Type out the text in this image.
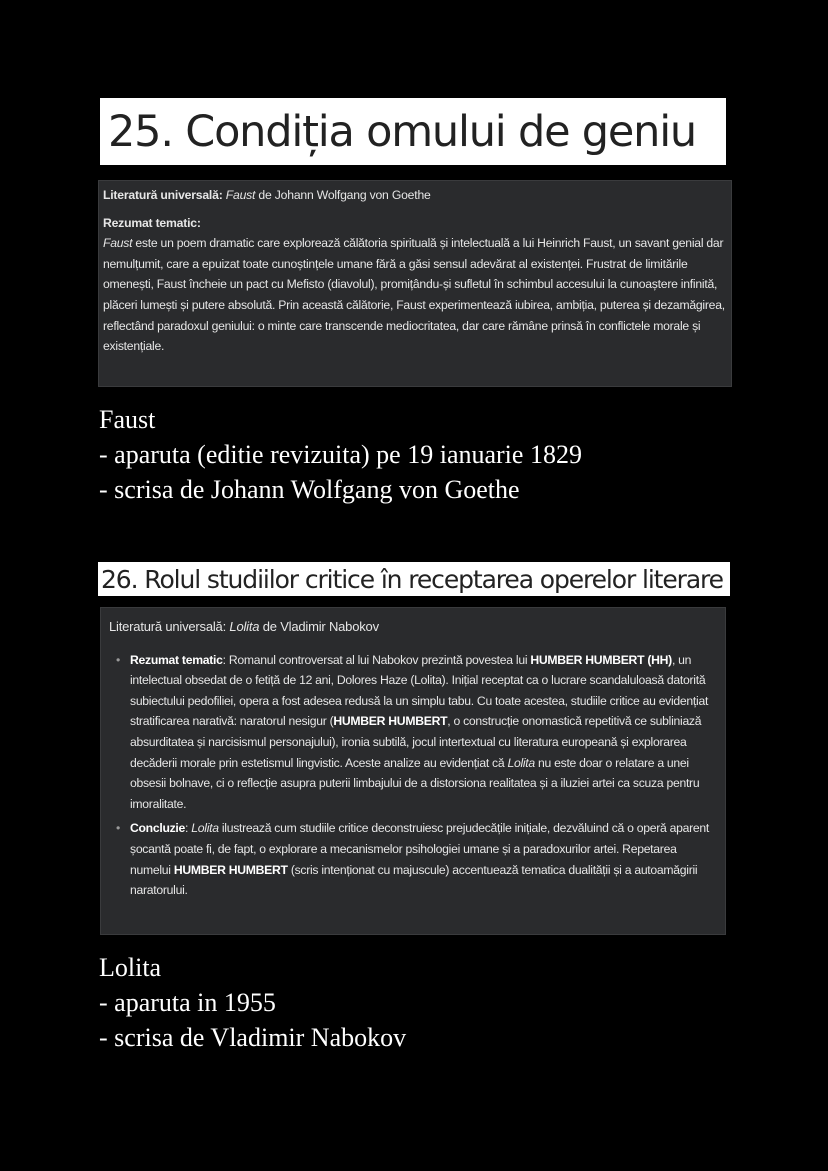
25. Condiția omului de geniu
Literatură universală: Faust de Johann Wolfgang von Goethe
Rezumat tematic:
Faust este un poem dramatic care explorează călătoria spirituală și intelectuală a lui Heinrich Faust, un savant genial dar nemulțumit, care a epuizat toate cunoștințele umane fără a găsi sensul adevărat al existenței. Frustrat de limitările omenești, Faust încheie un pact cu Mefisto (diavolul), promițându-și sufletul în schimbul accesului la cunoaștere infinită, plăceri lumești și putere absolută. Prin această călătorie, Faust experimentează iubirea, ambiția, puterea și dezamăgirea, reflectând paradoxul geniului: o minte care transcende mediocritatea, dar care rămâne prinsă în conflictele morale și existențiale.
Faust
- aparuta (editie revizuita) pe 19 ianuarie 1829
- scrisa de Johann Wolfgang von Goethe
26. Rolul studiilor critice în receptarea operelor literare
Literatură universală: Lolita de Vladimir Nabokov
• Rezumat tematic: Romanul controversat al lui Nabokov prezintă povestea lui HUMBER HUMBERT (HH), un intelectual obsedat de o fetiță de 12 ani, Dolores Haze (Lolita). Inițial receptat ca o lucrare scandaluloasă datorită subiectului pedofiliei, opera a fost adesea redusă la un simplu tabu. Cu toate acestea, studiile critice au evidențiat stratificarea narativă: naratorul nesigur (HUMBER HUMBERT, o construcție onomastică repetitivă ce subliniază absurditatea și narcisismul personajului), ironia subtilă, jocul intertextual cu literatura europeană și explorarea decăderii morale prin estetismul lingvistic. Aceste analize au evidențiat că Lolita nu este doar o relatare a unei obsesii bolnave, ci o reflecție asupra puterii limbajului de a distorsiona realitatea și a iluziei artei ca scuza pentru imoralitate.
• Concluzie: Lolita ilustrează cum studiile critice deconstruiesc prejudecățile inițiale, dezvăluind că o operă aparent șocantă poate fi, de fapt, o explorare a mecanismelor psihologiei umane și a paradoxurilor artei. Repetarea numelui HUMBER HUMBERT (scris intenționat cu majuscule) accentuează tematica dualității și a autoamăgirii naratorului.
Lolita
- aparuta in 1955
- scrisa de Vladimir Nabokov
